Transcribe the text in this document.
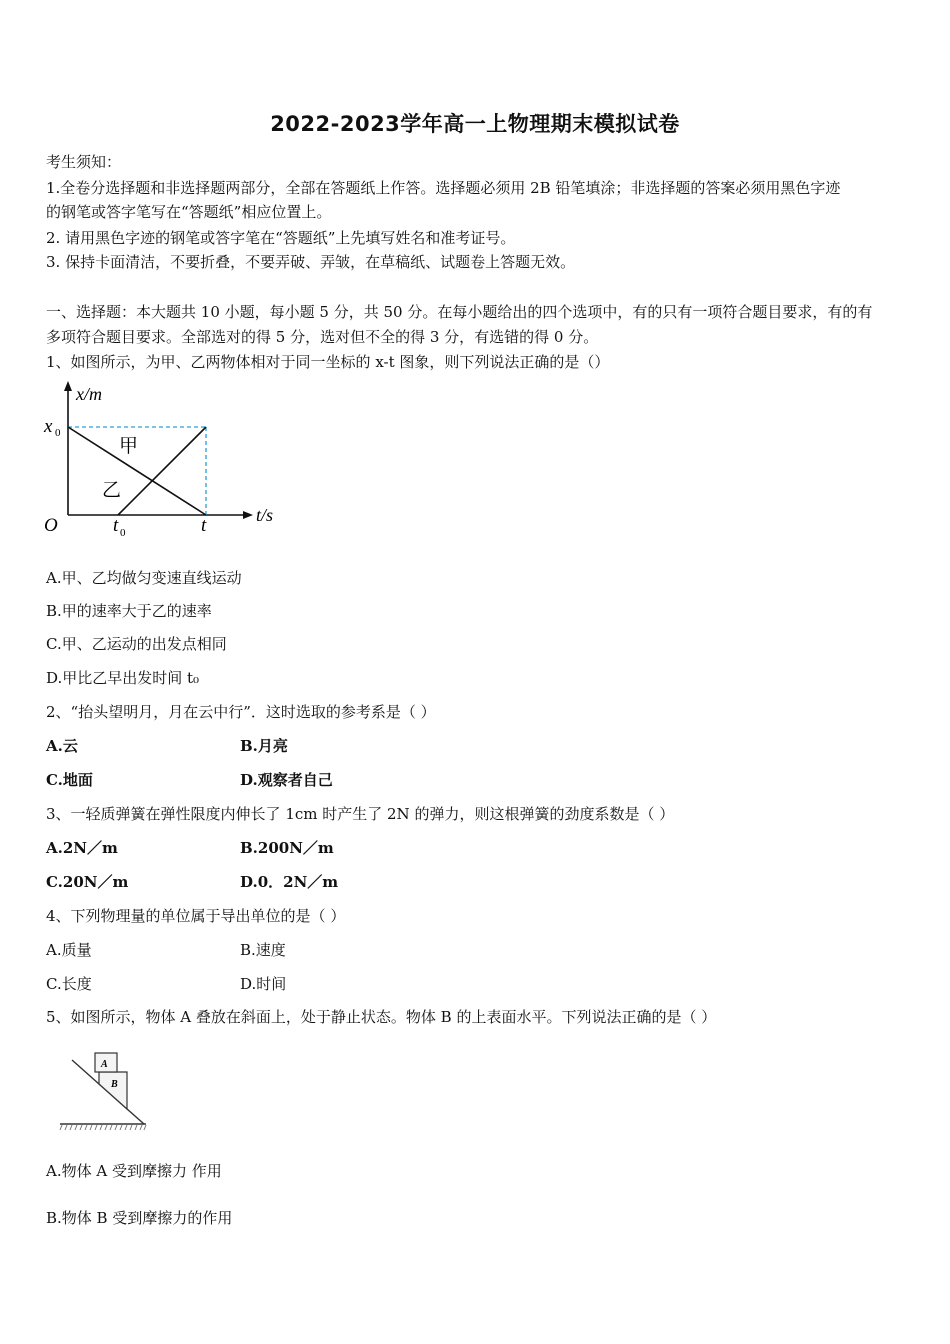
2022-2023学年高一上物理期末模拟试卷
考生须知：
1.全卷分选择题和非选择题两部分，全部在答题纸上作答。选择题必须用 2B 铅笔填涂；非选择题的答案必须用黑色字迹
的钢笔或答字笔写在“答题纸”相应位置上。
2. 请用黑色字迹的钢笔或答字笔在“答题纸”上先填写姓名和准考证号。
3. 保持卡面清洁，不要折叠，不要弄破、弄皱，在草稿纸、试题卷上答题无效。
一、选择题：本大题共 10 小题，每小题 5 分，共 50 分。在每小题给出的四个选项中，有的只有一项符合题目要求，有的有
多项符合题目要求。全部选对的得 5 分，选对但不全的得 3 分，有选错的得 0 分。
1、如图所示，为甲、乙两物体相对于同一坐标的 x-t 图象，则下列说法正确的是（）
x/m
t/s
O
x 0
t 0	t
甲
乙
A.甲、乙均做匀变速直线运动
B.甲的速率大于乙的速率
C.甲、乙运动的出发点相同
D.甲比乙早出发时间 t₀
2、“抬头望明月，月在云中行”．这时选取的参考系是（ ）
A.云	B.月亮
C.地面	D.观察者自己
3、一轻质弹簧在弹性限度内伸长了 1cm 时产生了 2N 的弹力，则这根弹簧的劲度系数是（ ）
A.2N／m	B.200N／m
C.20N／m	D.0．2N／m
4、下列物理量的单位属于导出单位的是（ ）
A.质量	B.速度
C.长度	D.时间
5、如图所示，物体 A 叠放在斜面上，处于静止状态。物体 B 的上表面水平。下列说法正确的是（ ）
A
B
A.物体 A 受到摩擦力 作用
B.物体 B 受到摩擦力的作用
